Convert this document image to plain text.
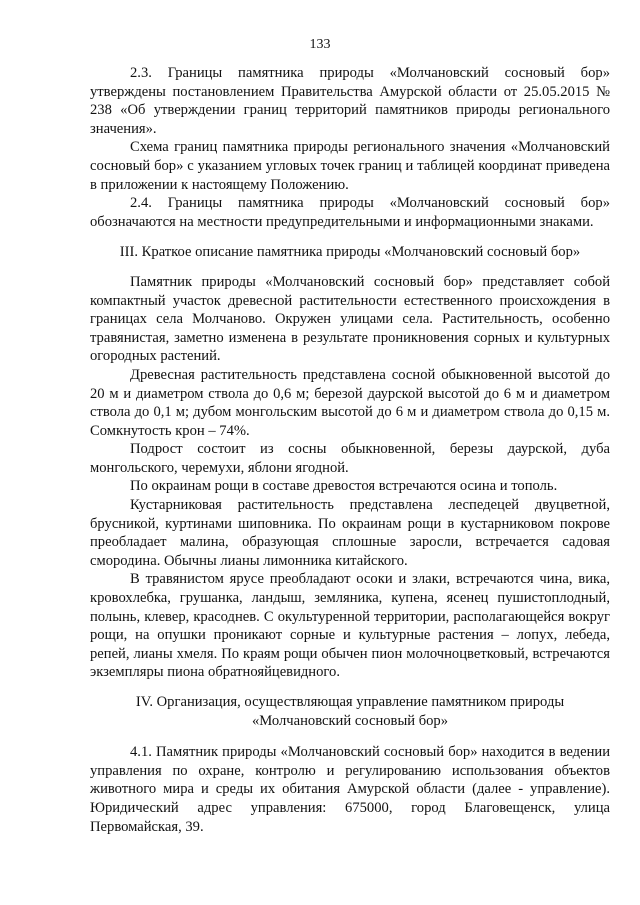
133

2.3. Границы памятника природы «Молчановский сосновый бор» утверждены постановлением Правительства Амурской области от 25.05.2015 № 238 «Об утверждении границ территорий памятников природы регионального значения».

Схема границ памятника природы регионального значения «Молчановский сосновый бор» с указанием угловых точек границ и таблицей координат приведена в приложении к настоящему Положению.

2.4. Границы памятника природы «Молчановский сосновый бор» обозначаются на местности предупредительными и информационными знаками.

III. Краткое описание памятника природы «Молчановский сосновый бор»

Памятник природы «Молчановский сосновый бор» представляет собой компактный участок древесной растительности естественного происхождения в границах села Молчаново. Окружен улицами села. Растительность, особенно травянистая, заметно изменена в результате проникновения сорных и культурных огородных растений.

Древесная растительность представлена сосной обыкновенной высотой до 20 м и диаметром ствола до 0,6 м; березой даурской высотой до 6 м и диаметром ствола до 0,1 м; дубом монгольским высотой до 6 м и диаметром ствола до 0,15 м. Сомкнутость крон – 74%.

Подрост состоит из сосны обыкновенной, березы даурской, дуба монгольского, черемухи, яблони ягодной.

По окраинам рощи в составе древостоя встречаются осина и тополь.

Кустарниковая растительность представлена леспедецей двуцветной, брусникой, куртинами шиповника. По окраинам рощи в кустарниковом покрове преобладает малина, образующая сплошные заросли, встречается садовая смородина. Обычны лианы лимонника китайского.

В травянистом ярусе преобладают осоки и злаки, встречаются чина, вика, кровохлебка, грушанка, ландыш, земляника, купена, ясенец пушистоплодный, полынь, клевер, красоднев. С окультуренной территории, располагающейся вокруг рощи, на опушки проникают сорные и культурные растения – лопух, лебеда, репей, лианы хмеля. По краям рощи обычен пион молочноцветковый, встречаются экземпляры пиона обратнояйцевидного.

IV. Организация, осуществляющая управление памятником природы
«Молчановский сосновый бор»

4.1. Памятник природы «Молчановский сосновый бор» находится в ведении управления по охране, контролю и регулированию использования объектов животного мира и среды их обитания Амурской области (далее - управление). Юридический адрес управления: 675000, город Благовещенск, улица Первомайская, 39.
